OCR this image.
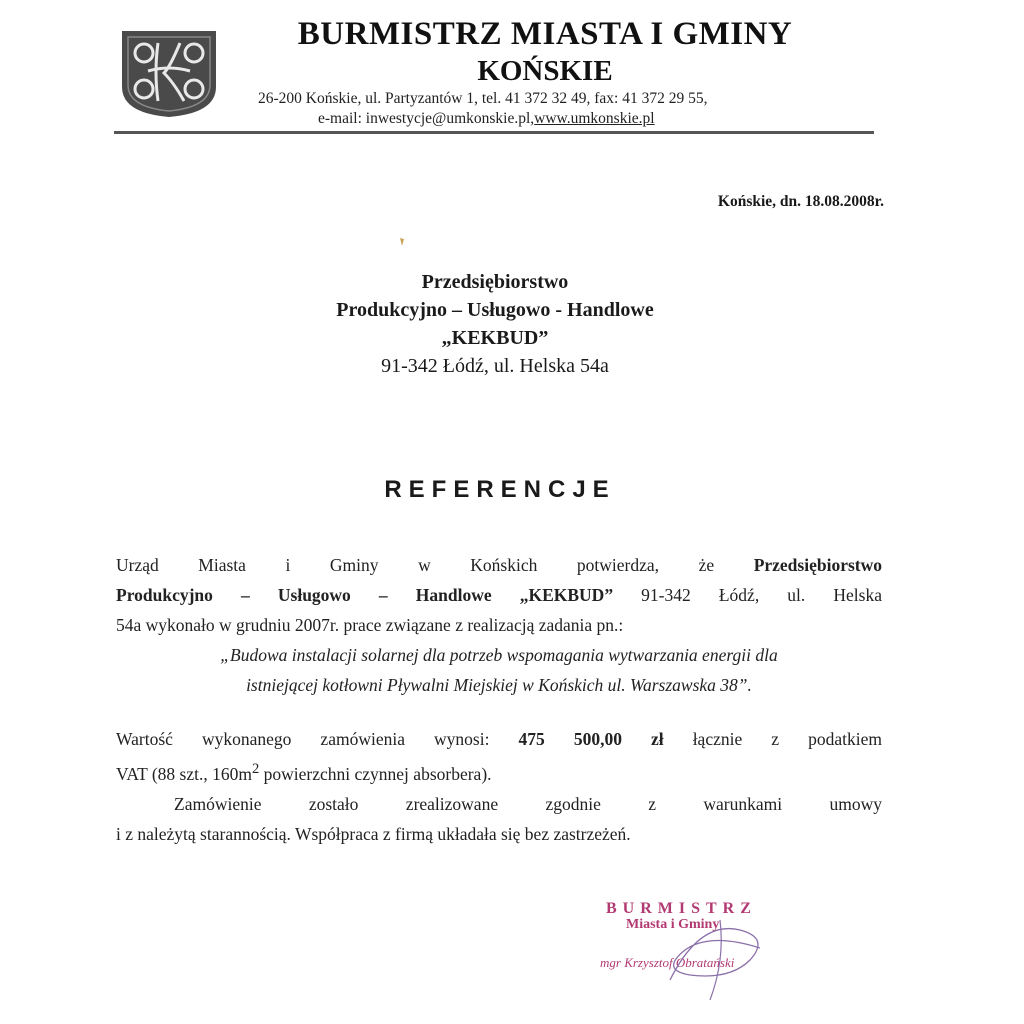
BURMISTRZ MIASTA I GMINY
KOŃSKIE
26-200 Końskie, ul. Partyzantów 1, tel. 41 372 32 49, fax: 41 372 29 55,
e-mail: inwestycje@umkonskie.pl,www.umkonskie.pl
Końskie, dn. 18.08.2008r.
Przedsiębiorstwo
Produkcyjno – Usługowo - Handlowe
„KEKBUD”
91-342 Łódź, ul. Helska 54a
REFERENCJE
Urząd Miasta i Gminy w Końskich potwierdza, że Przedsiębiorstwo
Produkcyjno – Usługowo – Handlowe „KEKBUD” 91-342 Łódź, ul. Helska
54a wykonało w grudniu 2007r. prace związane z realizacją zadania pn.:
„Budowa instalacji solarnej dla potrzeb wspomagania wytwarzania energii dla
istniejącej kotłowni Pływalni Miejskiej w Końskich ul. Warszawska 38”.
Wartość wykonanego zamówienia wynosi: 475 500,00 zł łącznie z podatkiem
VAT (88 szt., $160m^2$ powierzchni czynnej absorbera).
Zamówienie zostało zrealizowane zgodnie z warunkami umowy
i z należytą starannością. Współpraca z firmą układała się bez zastrzeżeń.
BURMISTRZ
Miasta i Gminy
mgr Krzysztof Obratański
